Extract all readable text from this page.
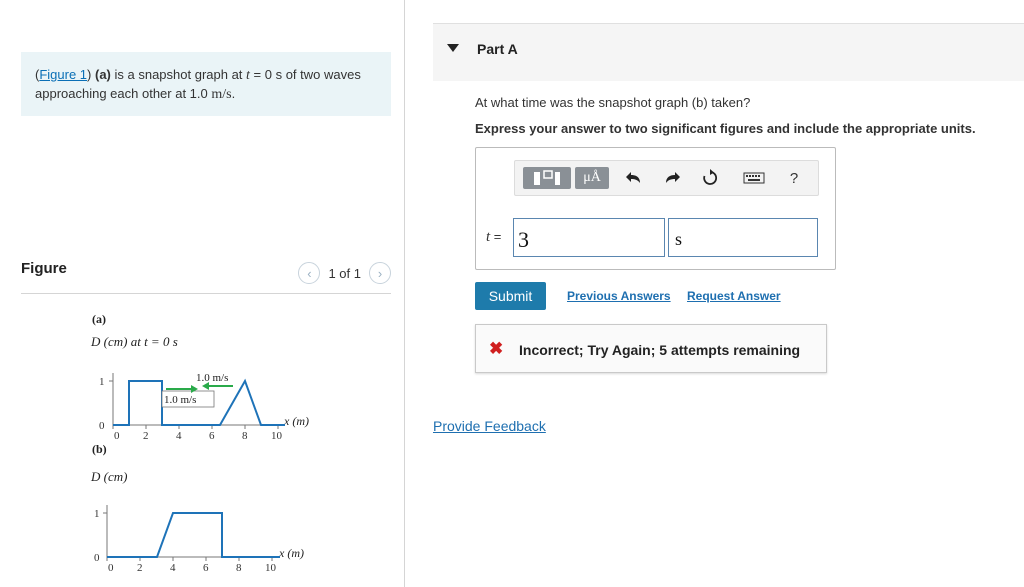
(Figure 1) (a) is a snapshot graph at t = 0 s of two waves approaching each other at 1.0 m/s.
Figure	‹	1 of 1	›
(a)
D (cm) at t = 0 s
1
0
0 2	4	6	8 10
x (m)
1.0 m/s
1.0 m/s
(b)
D (cm)
1
0
0 2	4	6	8 10
x (m)
Part A
At what time was the snapshot graph (b) taken?
Express your answer to two significant figures and include the appropriate units.
μÅ	?
t = 3	s
Submit	Previous Answers Request Answer
✖ Incorrect; Try Again; 5 attempts remaining
Provide Feedback
